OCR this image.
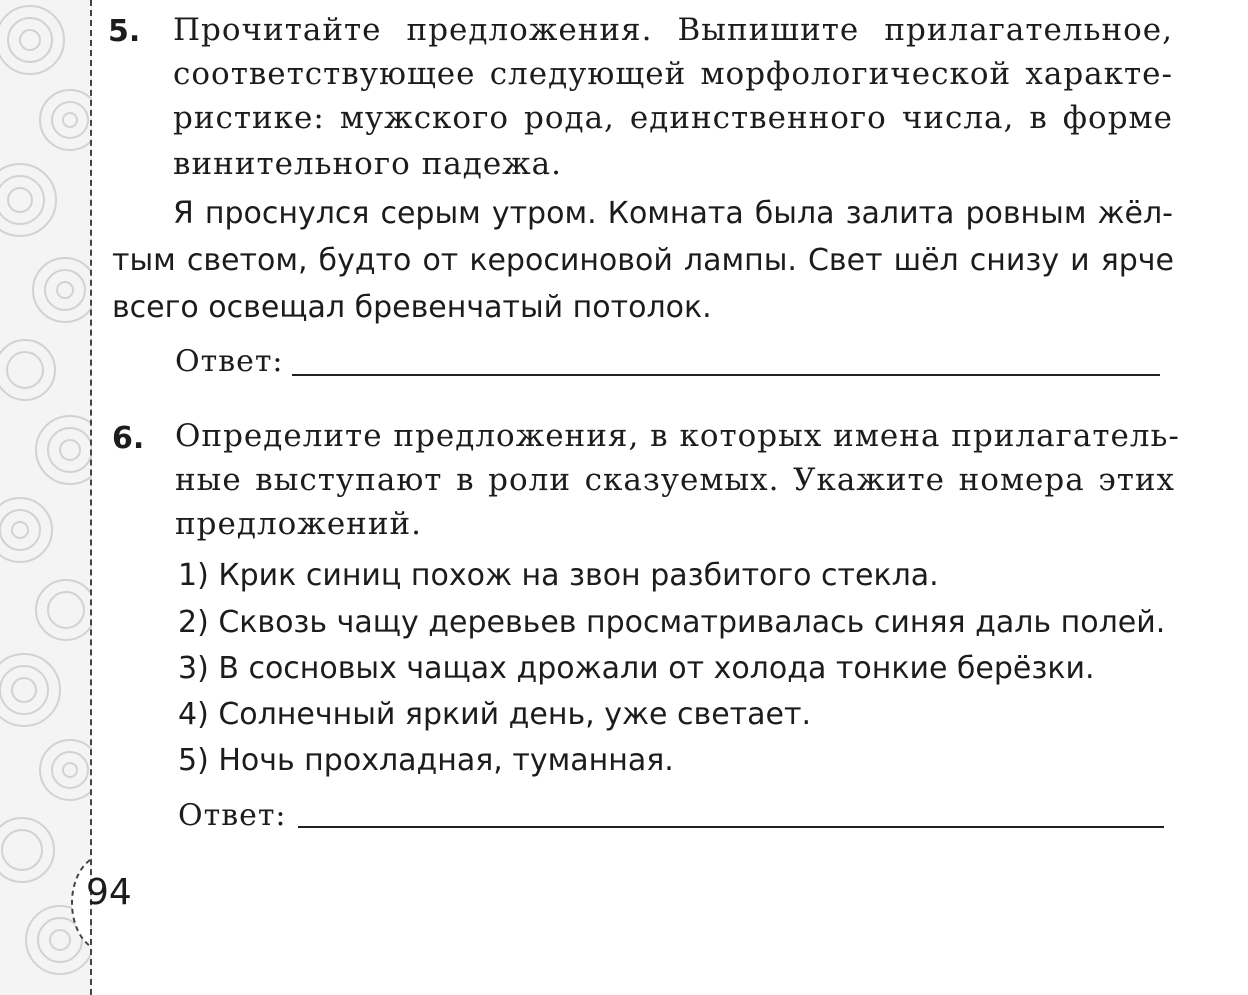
5. Прочитайте предложения. Выпишите прилагательное,
соответствующее следующей морфологической характе-
ристике: мужского рода, единственного числа, в форме
винительного падежа.
Я проснулся серым утром. Комната была залита ровным жёл-
тым светом, будто от керосиновой лампы. Свет шёл снизу и ярче
всего освещал бревенчатый потолок.
Ответ:
6. Определите предложения, в которых имена прилагатель-
ные выступают в роли сказуемых. Укажите номера этих
предложений.
1) Крик синиц похож на звон разбитого стекла.
2) Сквозь чащу деревьев просматривалась синяя даль полей.
3) В сосновых чащах дрожали от холода тонкие берёзки.
4) Солнечный яркий день, уже светает.
5) Ночь прохладная, туманная.
Ответ:
94
